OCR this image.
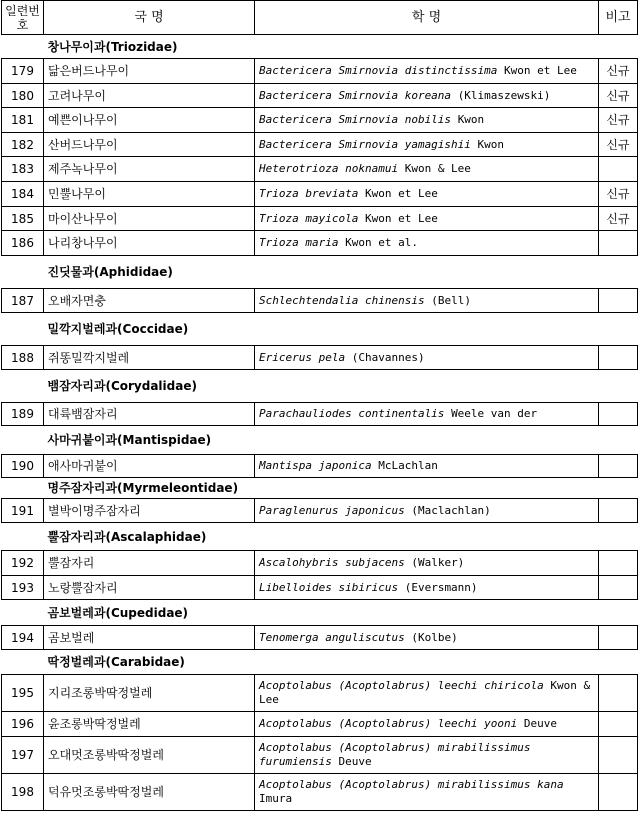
일련번호	국 명	학 명	비고
창나무이과(Triozidae)			
179	닮은버드나무이	Bactericera Smirnovia distinctissima Kwon et Lee	신규
180	고려나무이	Bactericera Smirnovia koreana (Klimaszewski)	신규
181	예쁜이나무이	Bactericera Smirnovia nobilis Kwon	신규
182	산버드나무이	Bactericera Smirnovia yamagishii Kwon	신규
183	제주녹나무이	Heterotrioza noknamui Kwon & Lee	
184	민뿔나무이	Trioza breviata Kwon et Lee	신규
185	마이산나무이	Trioza mayicola Kwon et Lee	신규
186	나리창나무이	Trioza maria Kwon et al.	
진딧물과(Aphididae)			
187	오배자면충	Schlechtendalia chinensis (Bell)	
밀깍지벌레과(Coccidae)			
188	쥐똥밀깍지벌레	Ericerus pela (Chavannes)	
뱀잠자리과(Corydalidae)			
189	대륙뱀잠자리	Parachauliodes continentalis Weele van der	
사마귀붙이과(Mantispidae)			
190	애사마귀붙이	Mantispa japonica McLachlan	
명주잠자리과(Myrmeleontidae)			
191	별박이명주잠자리	Paraglenurus japonicus (Maclachlan)	
뿔잠자리과(Ascalaphidae)			
192	뿔잠자리	Ascalohybris subjacens (Walker)	
193	노랑뿔잠자리	Libelloides sibiricus (Eversmann)	
곰보벌레과(Cupedidae)			
194	곰보벌레	Tenomerga anguliscutus (Kolbe)	
딱정벌레과(Carabidae)			
195	지리조롱박딱정벌레	Acoptolabus (Acoptolabrus) leechi chiricola Kwon & Lee	
196	윤조롱박딱정벌레	Acoptolabus (Acoptolabrus) leechi yooni Deuve	
197	오대멋조롱박딱정벌레	Acoptolabus (Acoptolabrus) mirabilissimus furumiensis Deuve	
198	덕유멋조롱박딱정벌레	Acoptolabus (Acoptolabrus) mirabilissimus kana Imura	
